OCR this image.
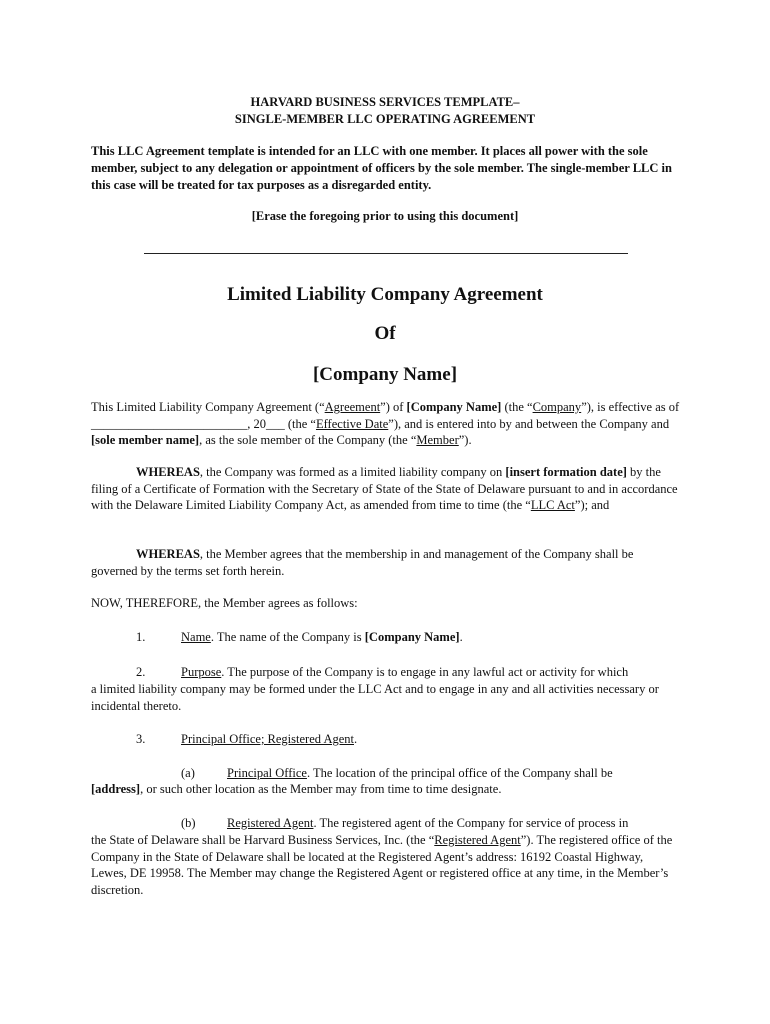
HARVARD BUSINESS SERVICES TEMPLATE–
SINGLE-MEMBER LLC OPERATING AGREEMENT
This LLC Agreement template is intended for an LLC with one member. It places all power with the sole member, subject to any delegation or appointment of officers by the sole member. The single-member LLC in this case will be treated for tax purposes as a disregarded entity.
[Erase the foregoing prior to using this document]
Limited Liability Company Agreement
Of
[Company Name]
This Limited Liability Company Agreement (“Agreement”) of [Company Name] (the “Company”), is effective as of _________________________, 20___ (the “Effective Date”), and is entered into by and between the Company and [sole member name], as the sole member of the Company (the “Member”).
WHEREAS, the Company was formed as a limited liability company on [insert formation date] by the filing of a Certificate of Formation with the Secretary of State of the State of Delaware pursuant to and in accordance with the Delaware Limited Liability Company Act, as amended from time to time (the “LLC Act”); and
WHEREAS, the Member agrees that the membership in and management of the Company shall be governed by the terms set forth herein.
NOW, THEREFORE, the Member agrees as follows:
1.	Name. The name of the Company is [Company Name].
2.	Purpose. The purpose of the Company is to engage in any lawful act or activity for which
a limited liability company may be formed under the LLC Act and to engage in any and all activities necessary or incidental thereto.
3.	Principal Office; Registered Agent.
(a)	Principal Office. The location of the principal office of the Company shall be
[address], or such other location as the Member may from time to time designate.
(b)	Registered Agent. The registered agent of the Company for service of process in
the State of Delaware shall be Harvard Business Services, Inc. (the “Registered Agent”). The registered office of the Company in the State of Delaware shall be located at the Registered Agent’s address: 16192 Coastal Highway, Lewes, DE 19958. The Member may change the Registered Agent or registered office at any time, in the Member’s discretion.
